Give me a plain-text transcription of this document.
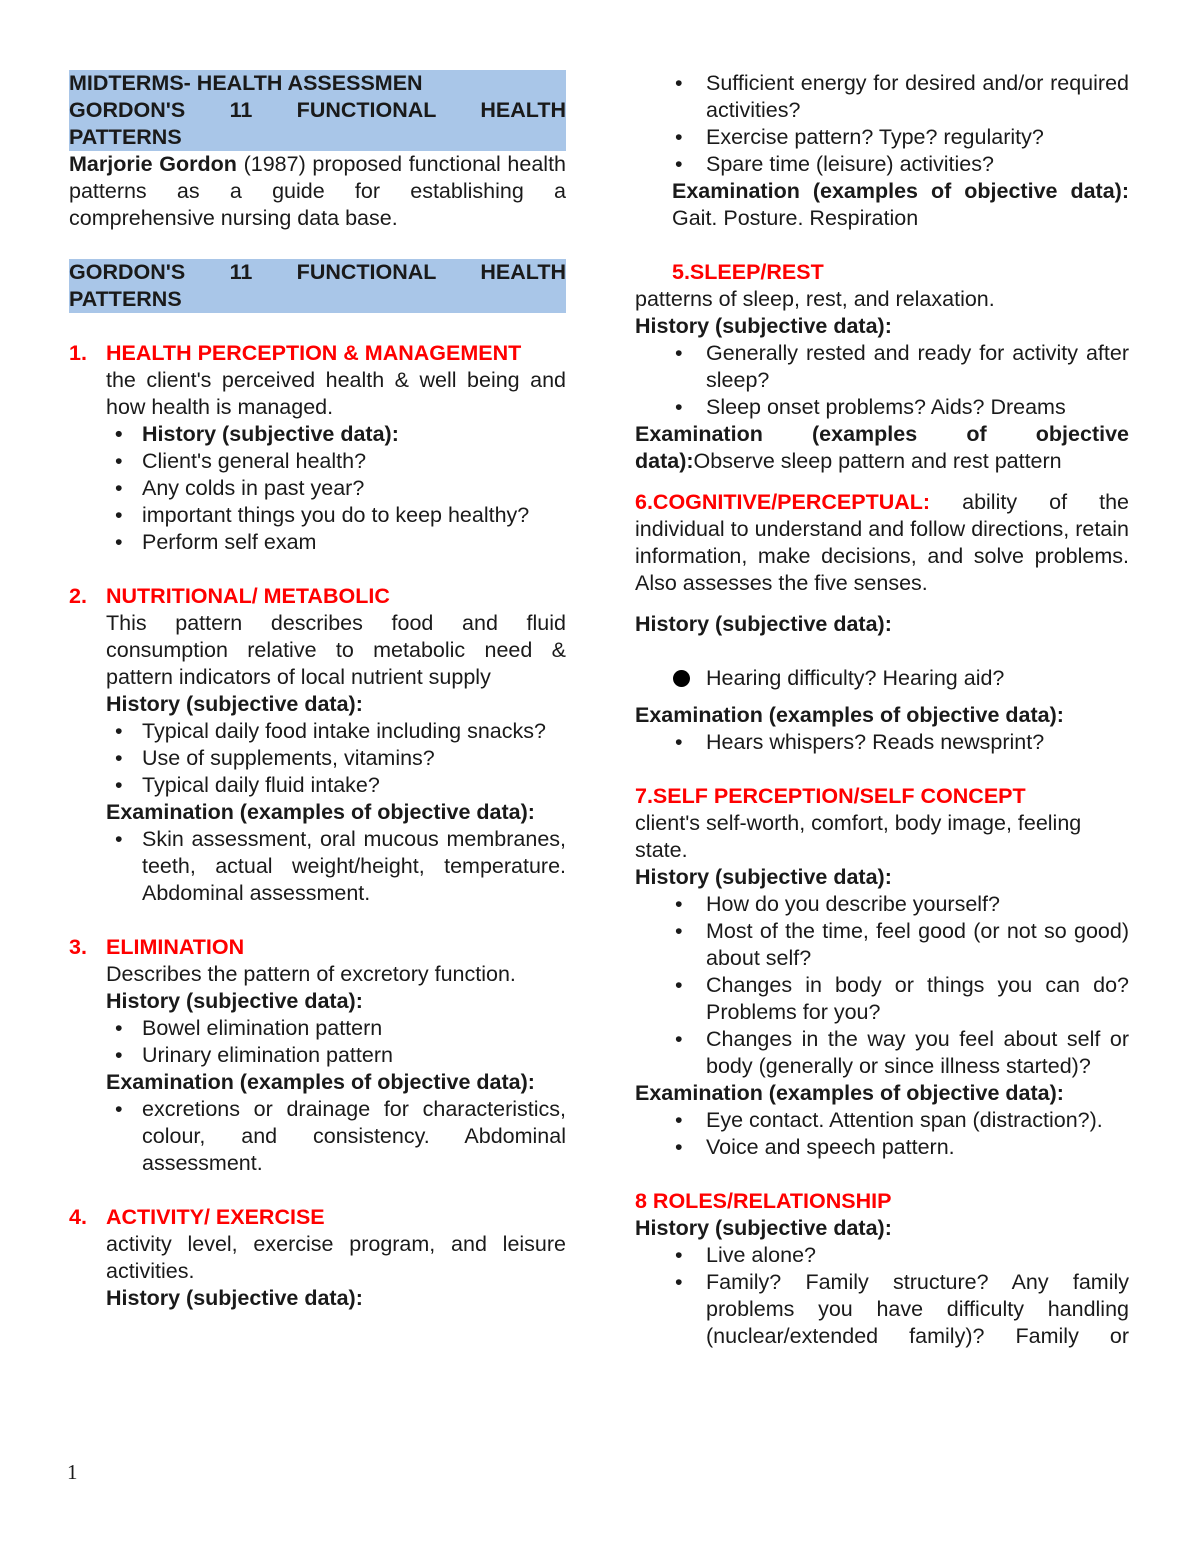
MIDTERMS- HEALTH ASSESSMEN
GORDON'S 11 FUNCTIONAL HEALTH PATTERNS
Marjorie Gordon (1987) proposed functional health patterns as a guide for establishing a comprehensive nursing data base.
GORDON'S 11 FUNCTIONAL HEALTH PATTERNS
1. HEALTH PERCEPTION & MANAGEMENT
the client's perceived health & well being and how health is managed.
• History (subjective data):
• Client's general health?
• Any colds in past year?
• important things you do to keep healthy?
• Perform self exam
2. NUTRITIONAL/ METABOLIC
This pattern describes food and fluid consumption relative to metabolic need & pattern indicators of local nutrient supply
History (subjective data):
• Typical daily food intake including snacks?
• Use of supplements, vitamins?
• Typical daily fluid intake?
Examination (examples of objective data):
• Skin assessment, oral mucous membranes, teeth, actual weight/height, temperature. Abdominal assessment.
3. ELIMINATION
Describes the pattern of excretory function.
History (subjective data):
• Bowel elimination pattern
• Urinary elimination pattern
Examination (examples of objective data):
• excretions or drainage for characteristics, colour, and consistency. Abdominal assessment.
4. ACTIVITY/ EXERCISE
activity level, exercise program, and leisure activities.
History (subjective data):
• Sufficient energy for desired and/or required activities?
• Exercise pattern? Type? regularity?
• Spare time (leisure) activities?
Examination (examples of objective data): Gait. Posture. Respiration
5.SLEEP/REST
patterns of sleep, rest, and relaxation.
History (subjective data):
• Generally rested and ready for activity after sleep?
• Sleep onset problems? Aids? Dreams
Examination (examples of objective data):Observe sleep pattern and rest pattern
6.COGNITIVE/PERCEPTUAL: ability of the individual to understand and follow directions, retain information, make decisions, and solve problems. Also assesses the five senses.
History (subjective data):
Hearing difficulty? Hearing aid?
Examination (examples of objective data):
• Hears whispers? Reads newsprint?
7.SELF PERCEPTION/SELF CONCEPT
client's self-worth, comfort, body image, feeling state.
History (subjective data):
• How do you describe yourself?
• Most of the time, feel good (or not so good) about self?
• Changes in body or things you can do? Problems for you?
• Changes in the way you feel about self or body (generally or since illness started)?
Examination (examples of objective data):
• Eye contact. Attention span (distraction?).
• Voice and speech pattern.
8 ROLES/RELATIONSHIP
History (subjective data):
• Live alone?
• Family? Family structure? Any family problems you have difficulty handling (nuclear/extended family)? Family or
1
